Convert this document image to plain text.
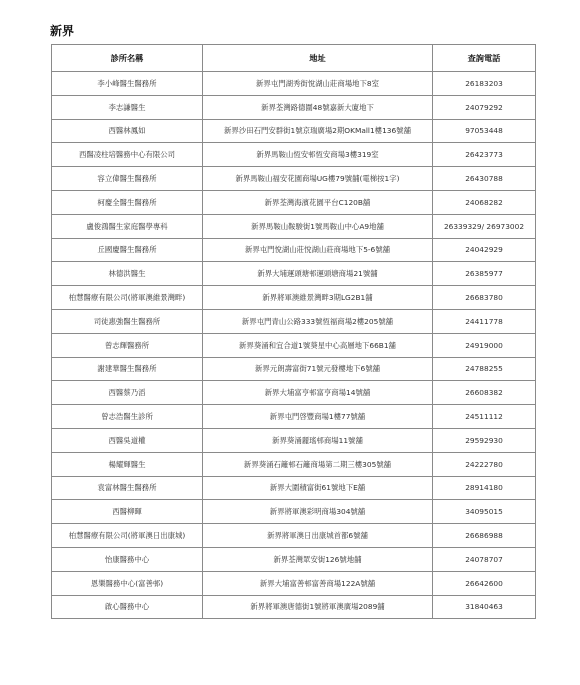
新界
診所名稱	地址	查詢電話
李小峰醫生醫務所	新界屯門湖秀街悅湖山莊商場地下8室	26183203
李志謙醫生	新界荃灣路德圍48號嘉新大廈地下	24079292
西醫林鳳如	新界沙田石門安群街1號京瑞廣場2期OKMall1樓136號舖	97053448
西醫凌柱培醫務中心有限公司	新界馬鞍山恆安邨恆安商場3樓319室	26423773
容立偉醫生醫務所	新界馬鞍山福安花園商場UG樓79號舖(電梯按1字)	26430788
柯慶全醫生醫務所	新界荃灣海濱花園平台C120B舖	24068282
盧俊鴻醫生家庭醫學專科	新界馬鞍山鞍駿街1號馬鞍山中心A9地舖	26339329/ 26973002
丘國慶醫生醫務所	新界屯門悅湖山莊悅湖山莊商場地下5-6號舖	24042929
林德洪醫生	新界大埔運頭塘邨運頭塘商場21號舖	26385977
柏慧醫療有限公司(將軍澳維景灣畔)	新界將軍澳維景灣畔3期LG2B1舖	26683780
司徒惠強醫生醫務所	新界屯門青山公路333號恆福商場2樓205號舖	24411778
曾志輝醫務所	新界葵涌和宜合道1號葵星中心高層地下66B1舖	24919000
謝建華醫生醫務所	新界元朗壽富街71號元發樓地下6號舖	24788255
西醫蔡乃滔	新界大埔富亨邨富亨商場14號舖	26608382
曾志浩醫生診所	新界屯門啓豐商場1樓77號舖	24511112
西醫吳道權	新界葵涌麗瑤邨商場11號舖	29592930
楊耀輝醫生	新界葵涌石籬邨石籬商場第二期三樓305號舖	24222780
袁富林醫生醫務所	新界大圍積富街61號地下E舖	28914180
西醫柳暉	新界將軍澳彩明商場304號舖	34095015
柏慧醫療有限公司(將軍澳日出康城)	新界將軍澳日出康城首都6號舖	26686988
怡康醫務中心	新界荃灣眾安街126號地舖	24078707
恩樂醫務中心(富善邨)	新界大埔富善邨富善商場122A號舖	26642600
啟心醫務中心	新界將軍澳唐德街1號將軍澳廣場2089舖	31840463
